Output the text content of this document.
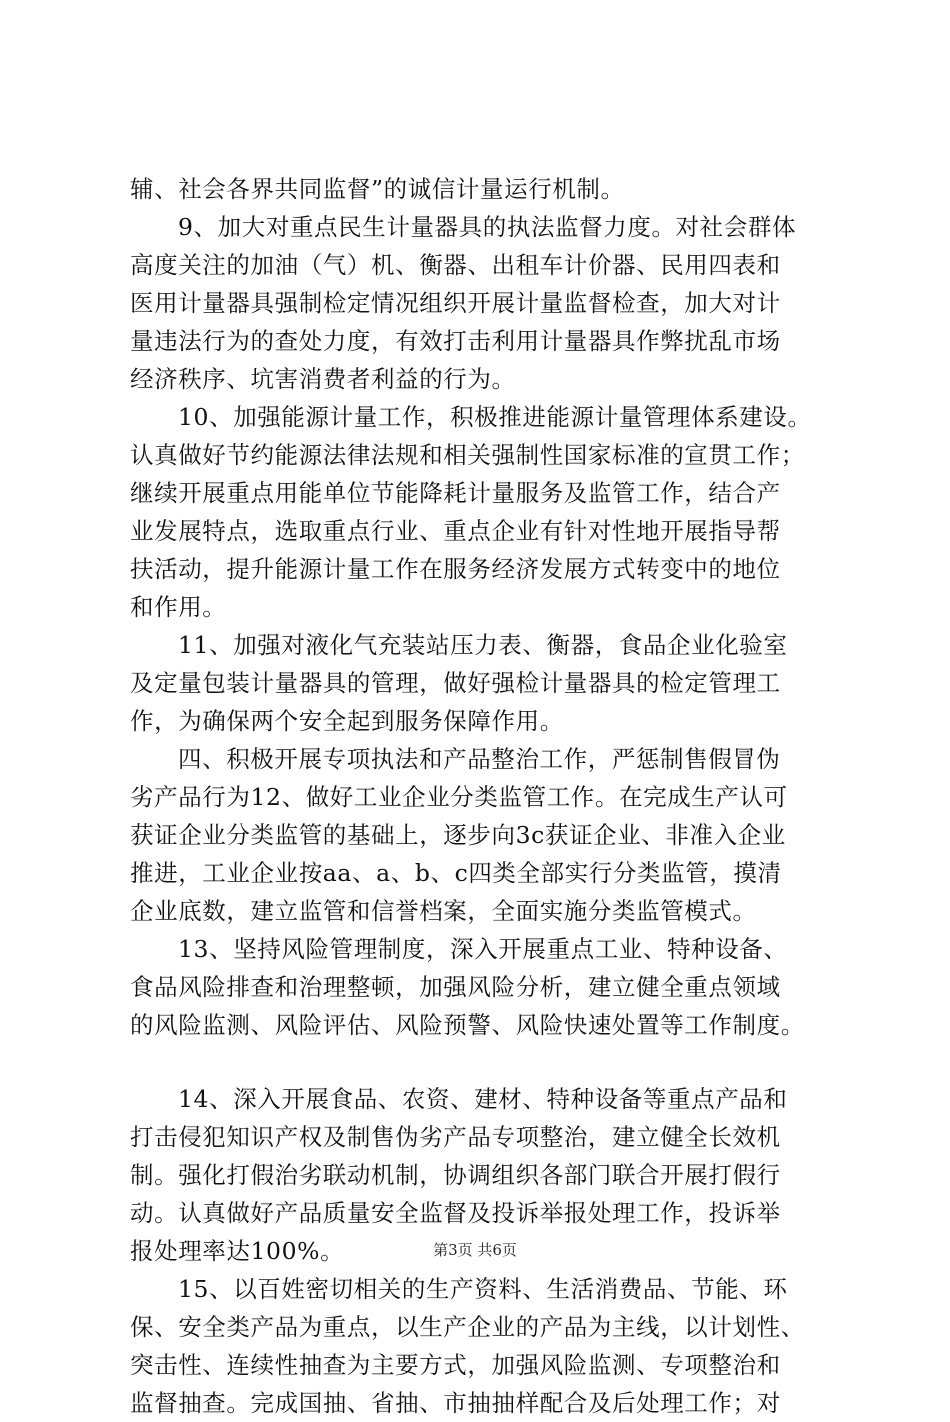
辅、社会各界共同监督”的诚信计量运行机制。
9、加大对重点民生计量器具的执法监督力度。对社会群体
高度关注的加油（气）机、衡器、出租车计价器、民用四表和
医用计量器具强制检定情况组织开展计量监督检查，加大对计
量违法行为的查处力度，有效打击利用计量器具作弊扰乱市场
经济秩序、坑害消费者利益的行为。
10、加强能源计量工作，积极推进能源计量管理体系建设。
认真做好节约能源法律法规和相关强制性国家标准的宣贯工作；
继续开展重点用能单位节能降耗计量服务及监管工作，结合产
业发展特点，选取重点行业、重点企业有针对性地开展指导帮
扶活动，提升能源计量工作在服务经济发展方式转变中的地位
和作用。
11、加强对液化气充装站压力表、衡器，食品企业化验室
及定量包装计量器具的管理，做好强检计量器具的检定管理工
作，为确保两个安全起到服务保障作用。
四、积极开展专项执法和产品整治工作，严惩制售假冒伪
劣产品行为12、做好工业企业分类监管工作。在完成生产认可
获证企业分类监管的基础上，逐步向3c获证企业、非准入企业
推进，工业企业按aa、a、b、c四类全部实行分类监管，摸清
企业底数，建立监管和信誉档案，全面实施分类监管模式。
13、坚持风险管理制度，深入开展重点工业、特种设备、
食品风险排查和治理整顿，加强风险分析，建立健全重点领域
的风险监测、风险评估、风险预警、风险快速处置等工作制度。
14、深入开展食品、农资、建材、特种设备等重点产品和
打击侵犯知识产权及制售伪劣产品专项整治，建立健全长效机
制。强化打假治劣联动机制，协调组织各部门联合开展打假行
动。认真做好产品质量安全监督及投诉举报处理工作，投诉举
报处理率达100%。
15、以百姓密切相关的生产资料、生活消费品、节能、环
保、安全类产品为重点，以生产企业的产品为主线，以计划性、
突击性、连续性抽查为主要方式，加强风险监测、专项整治和
监督抽查。完成国抽、省抽、市抽抽样配合及后处理工作；对
第3页 共6页
